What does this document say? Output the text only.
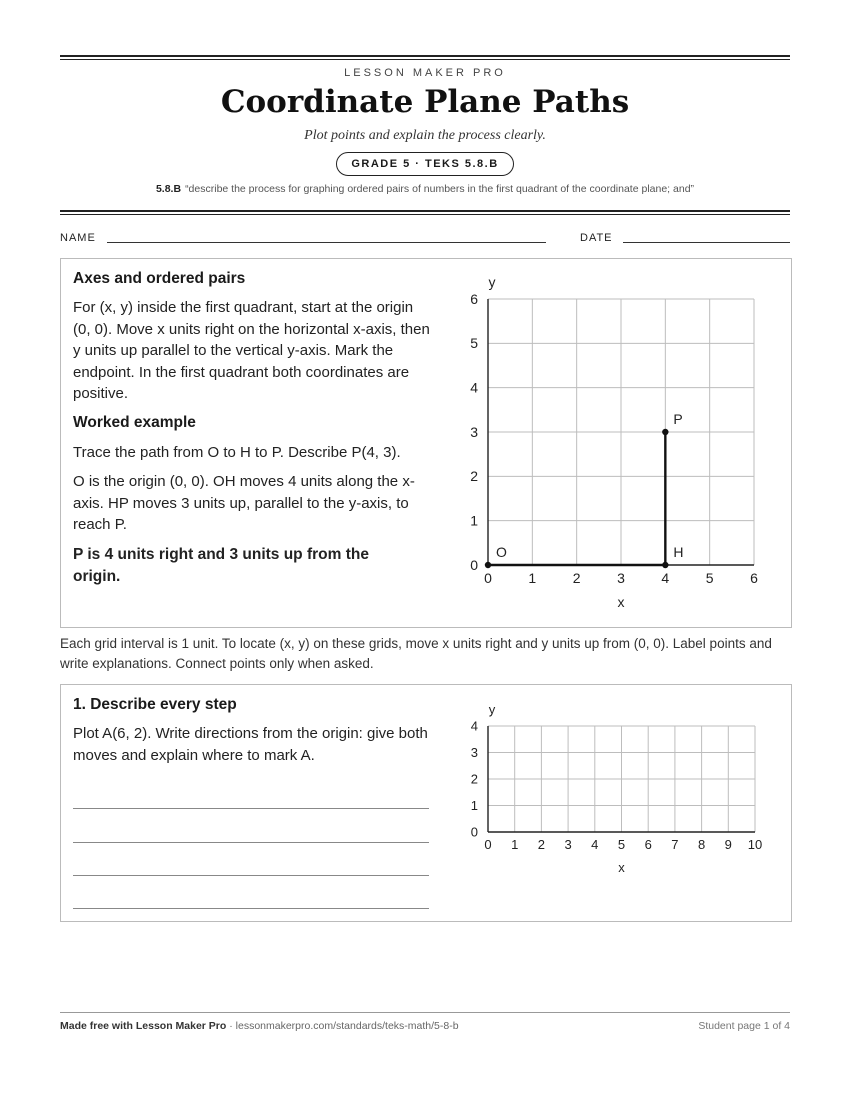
LESSON MAKER PRO
Coordinate Plane Paths
Plot points and explain the process clearly.
GRADE 5 · TEKS 5.8.B
5.8.B “describe the process for graphing ordered pairs of numbers in the first quadrant of the coordinate plane; and”
NAME	DATE
Axes and ordered pairs
For (x, y) inside the first quadrant, start at the origin (0, 0). Move x units right on the horizontal x-axis, then y units up parallel to the vertical y-axis. Mark the endpoint. In the first quadrant both coordinates are positive.
Worked example
Trace the path from O to H to P. Describe P(4, 3).
O is the origin (0, 0). OH moves 4 units along the x-axis. HP moves 3 units up, parallel to the y-axis, to reach P.
P is 4 units right and 3 units up from the origin.	0	1	2	3	4	5	6
0
1
2
3
4
5
6
x
y
O	H
P
Each grid interval is 1 unit. To locate (x, y) on these grids, move x units right and y units up from (0, 0). Label points and write explanations. Connect points only when asked.
1. Describe every step
Plot A(6, 2). Write directions from the origin: give both moves and explain where to mark A.
0 1 2 3 4 5 6 7 8 9 10
0
1
2
3
4
x
y
Made free with Lesson Maker Pro · lessonmakerpro.com/standards/teks-math/5-8-b	Student page 1 of 4
